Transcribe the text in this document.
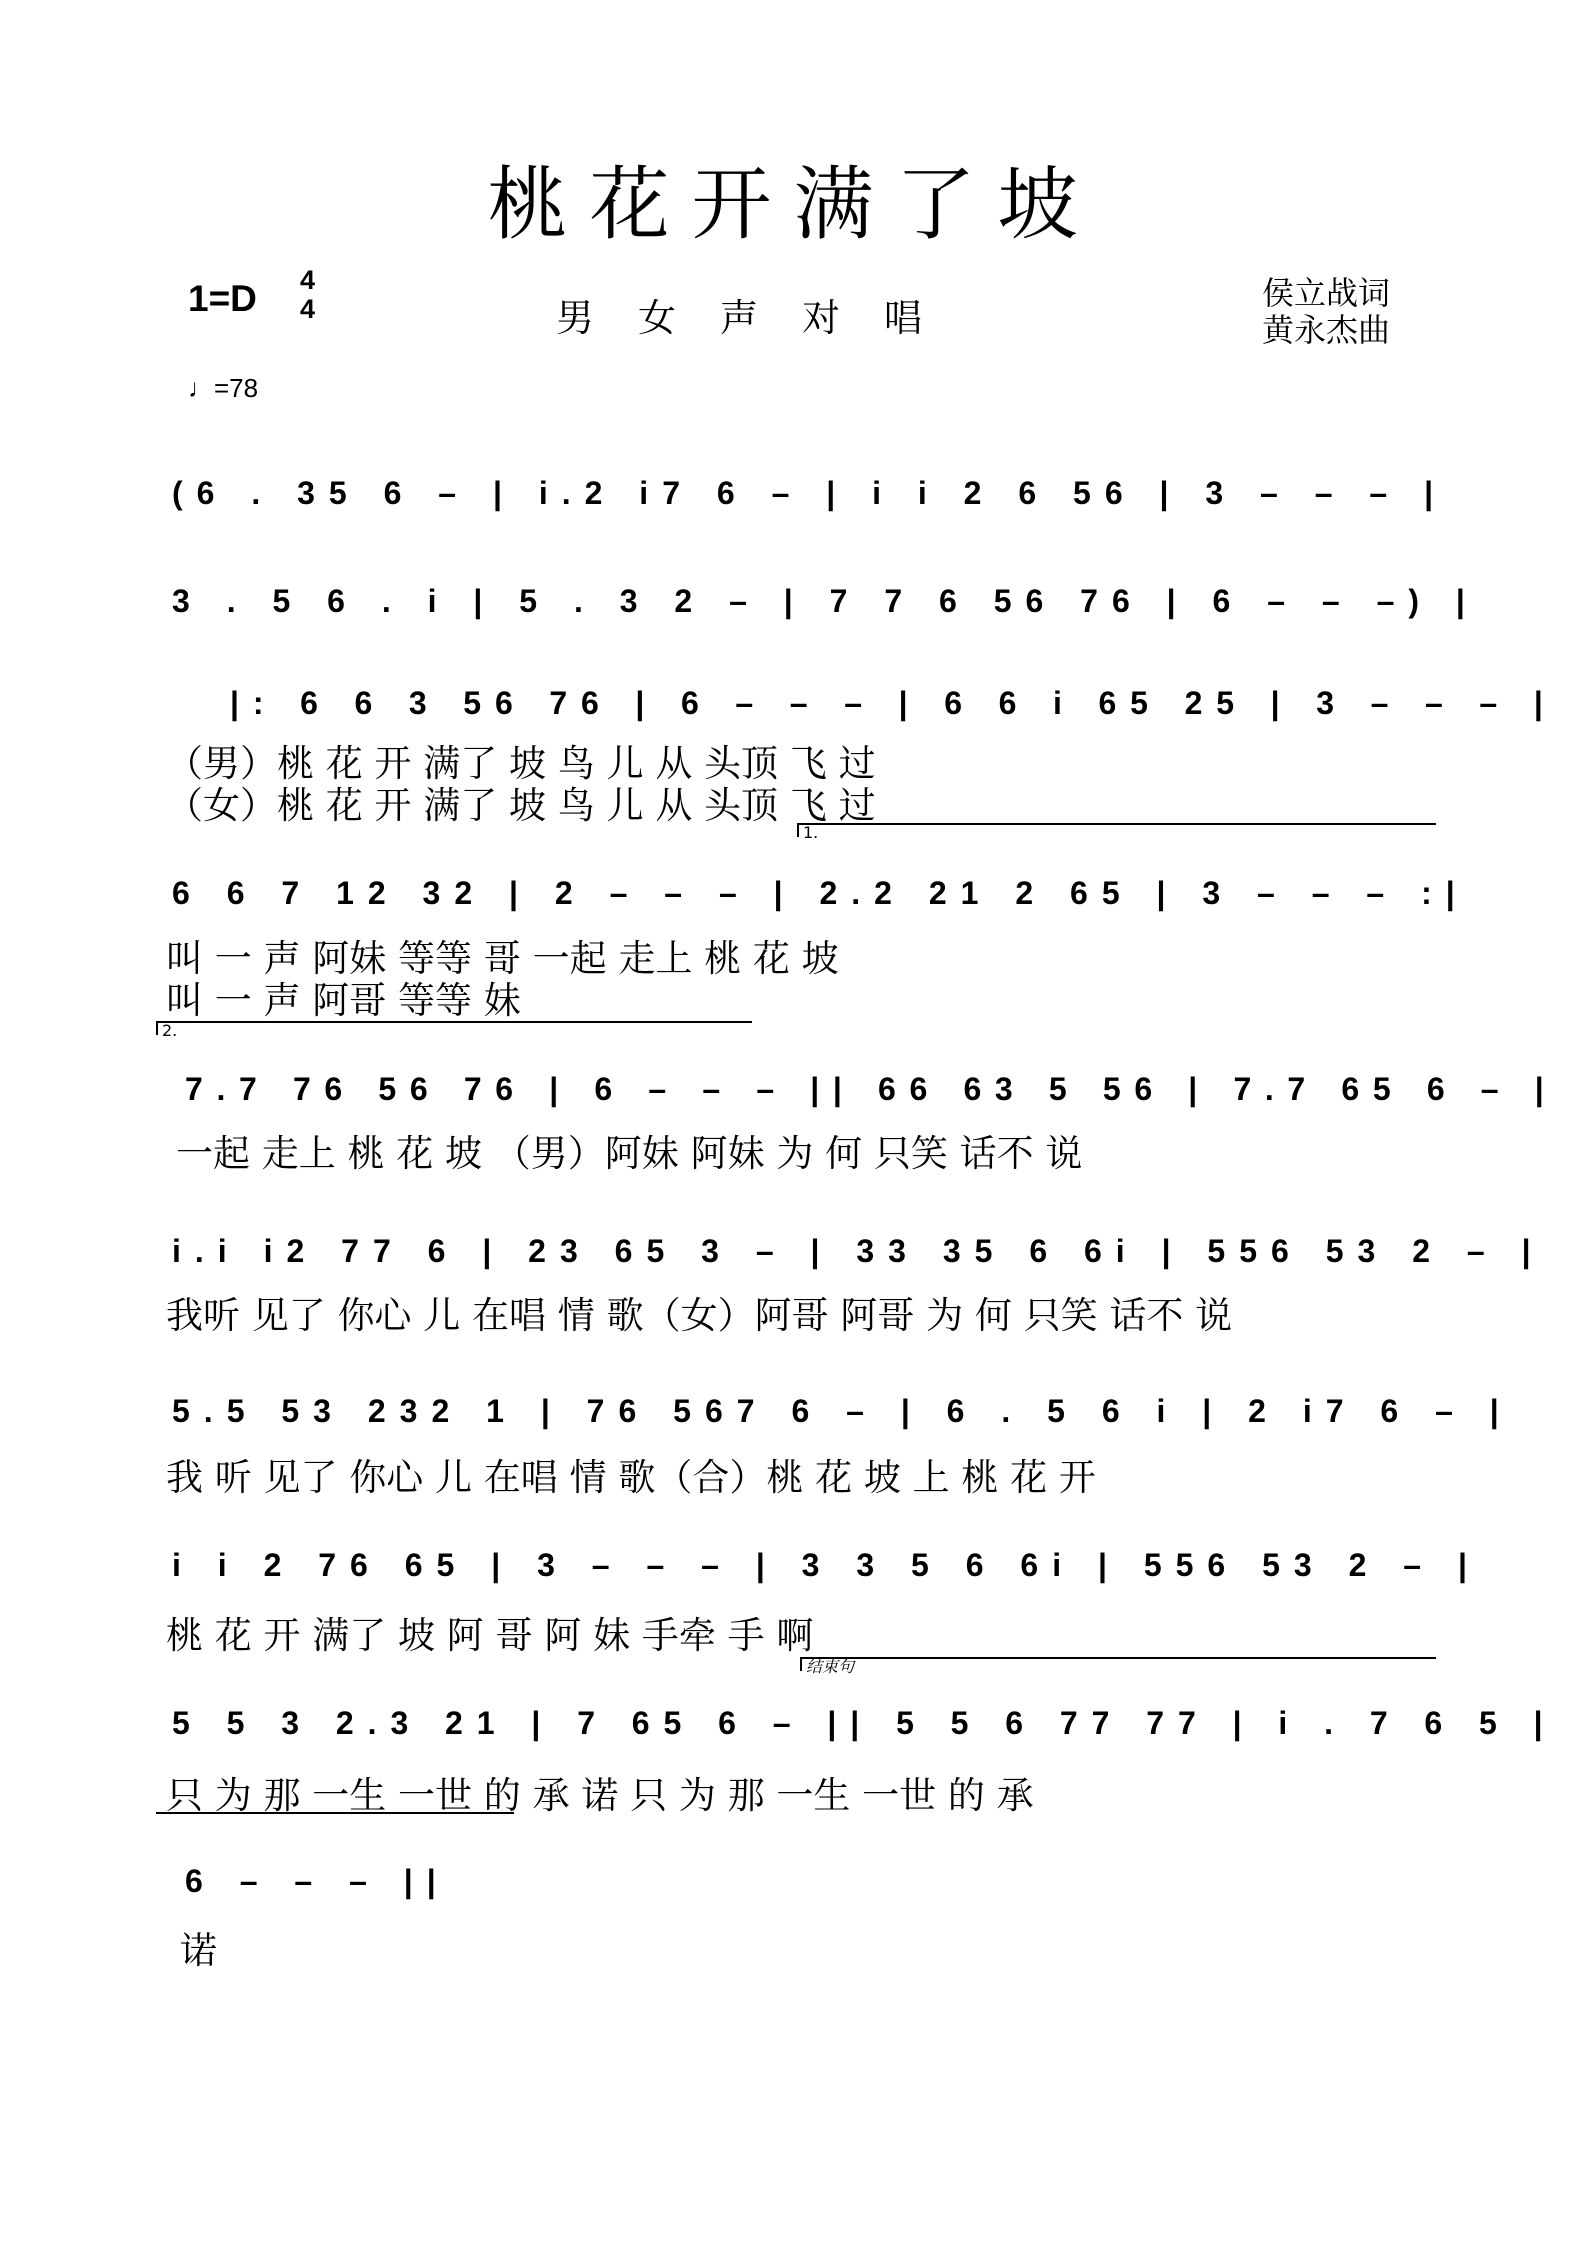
桃花开满了坡
1=D 4
4	男女声对唱
侯立战词
黄永杰曲
♩=78
(6 . 35 6 – | i.2 i7 6 – | i i 2 6 56 | 3 – – – |
3 . 5 6 . i | 5 . 3 2 – | 7 7 6 56 76 | 6 – – –) |
|: 6 6 3 56 76 | 6 – – – | 6 6 i 65 25 | 3 – – – |
（男）桃 花 开 满了 坡 鸟 儿 从 头顶 飞 过
（女）桃 花 开 满了 坡 鸟 儿 从 头顶 飞 过
1.
6 6 7 12 32 | 2 – – – | 2.2 21 2 65 | 3 – – – :|
叫 一 声 阿妹 等等 哥 一起 走上 桃 花 坡
叫 一 声 阿哥 等等 妹
2.
7.7 76 56 76 | 6 – – – || 66 63 5 56 | 7.7 65 6 – |
一起 走上 桃 花 坡 （男）阿妹 阿妹 为 何 只笑 话不 说
i.i i2 77 6 | 23 65 3 – | 33 35 6 6i | 556 53 2 – |
我听 见了 你心 儿 在唱 情 歌（女）阿哥 阿哥 为 何 只笑 话不 说
5.5 53 232 1 | 76 567 6 – | 6 . 5 6 i | 2 i7 6 – |
我 听 见了 你心 儿 在唱 情 歌（合）桃 花 坡 上 桃 花 开
i i 2 76 65 | 3 – – – | 3 3 5 6 6i | 556 53 2 – |
桃 花 开 满了 坡 阿 哥 阿 妹 手牵 手 啊
结束句
5 5 3 2.3 21 | 7 65 6 – || 5 5 6 77 77 | i . 7 6 5 |
只 为 那 一生 一世 的 承 诺 只 为 那 一生 一世 的 承
6 – – – ||
诺
